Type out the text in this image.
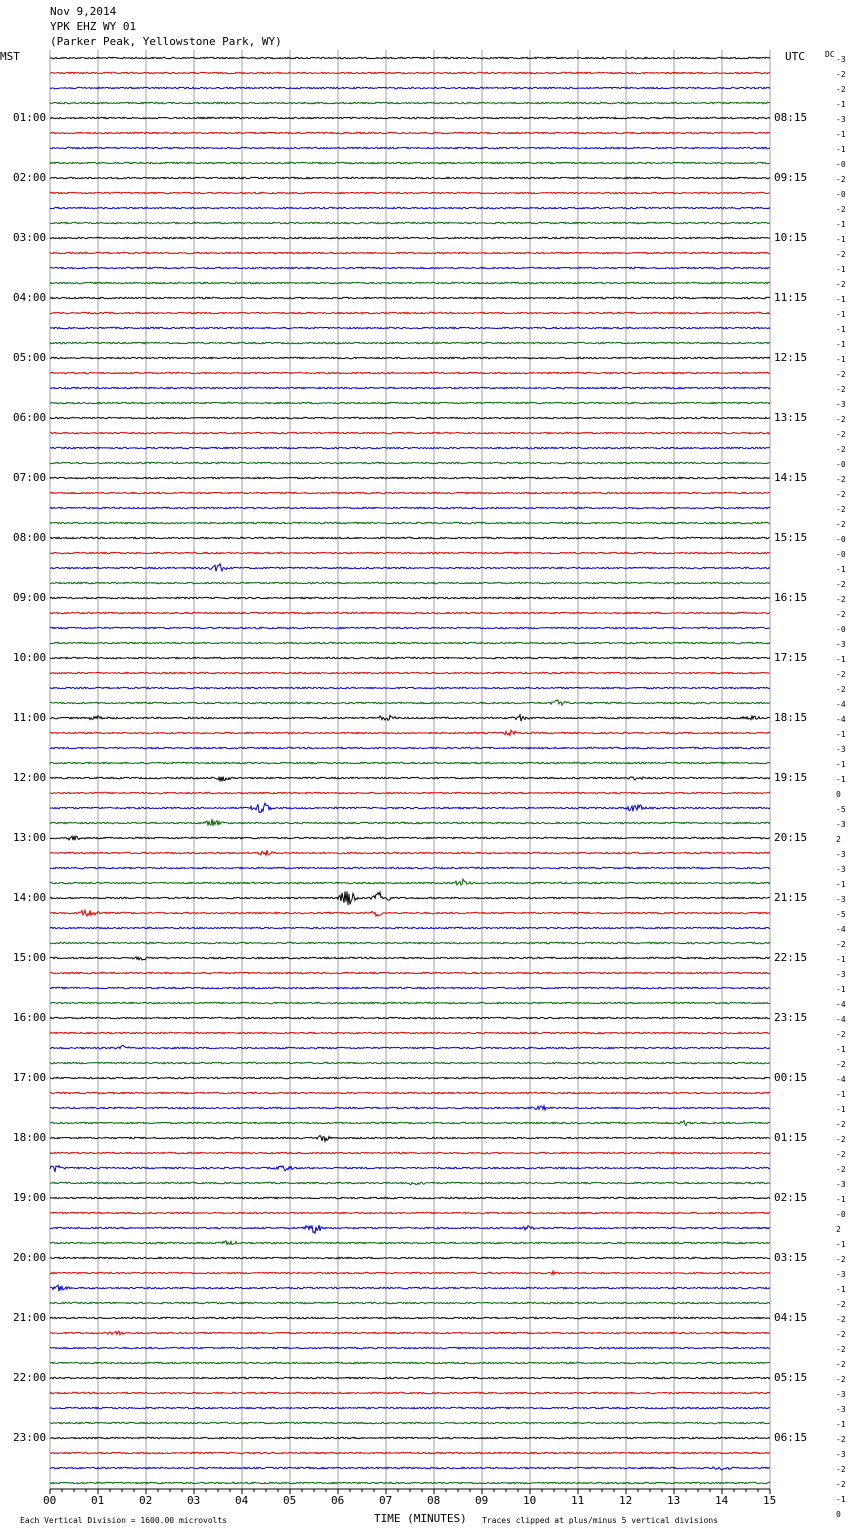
Nov 9,2014
YPK EHZ WY 01
(Parker Peak, Yellowstone Park, WY)
MST	UTC	DC
01:00
02:00
03:00
04:00
05:00
06:00
07:00
08:00
09:00
10:00
11:00
12:00
13:00
14:00
15:00
16:00
17:00
18:00
19:00
20:00
21:00
22:00
23:00
08:15
09:15
10:15
11:15
12:15
13:15
14:15
15:15
16:15
17:15
18:15
19:15
20:15
21:15
22:15
23:15
00:15
01:15
02:15
03:15
04:15
05:15
06:15
-3
-2
-2
-1
-3
-1
-1
-0
-2
-0
-2
-1
-1
-2
-1
-2
-1
-1
-1
-1
-1
-2
-2
-3
-2
-2
-2
-0
-2
-2
-2
-2
-0
-0
-1
-2
-2
-2
-0
-3
-1
-2
-2
-4
-4
-1
-3
-1
-1
0
-5
-3
2
-3
-3
-1
-3
-5
-4
-2
-1
-3
-1
-4
-4
-2
-1
-2
-4
-1
-1
-2
-2
-2
-2
-3
-1
-0
2
-1
-2
-3
-1
-2
-2
-2
-2
-2
-2
-3
-3
-1
-2
-3
-2
-2
-1
0
00	01	02	03	04	05	06	07	08	09	10	11	12	13	14	15
Each Vertical Division = 1600.00 microvolts	TIME (MINUTES) Traces clipped at plus/minus 5 vertical divisions
